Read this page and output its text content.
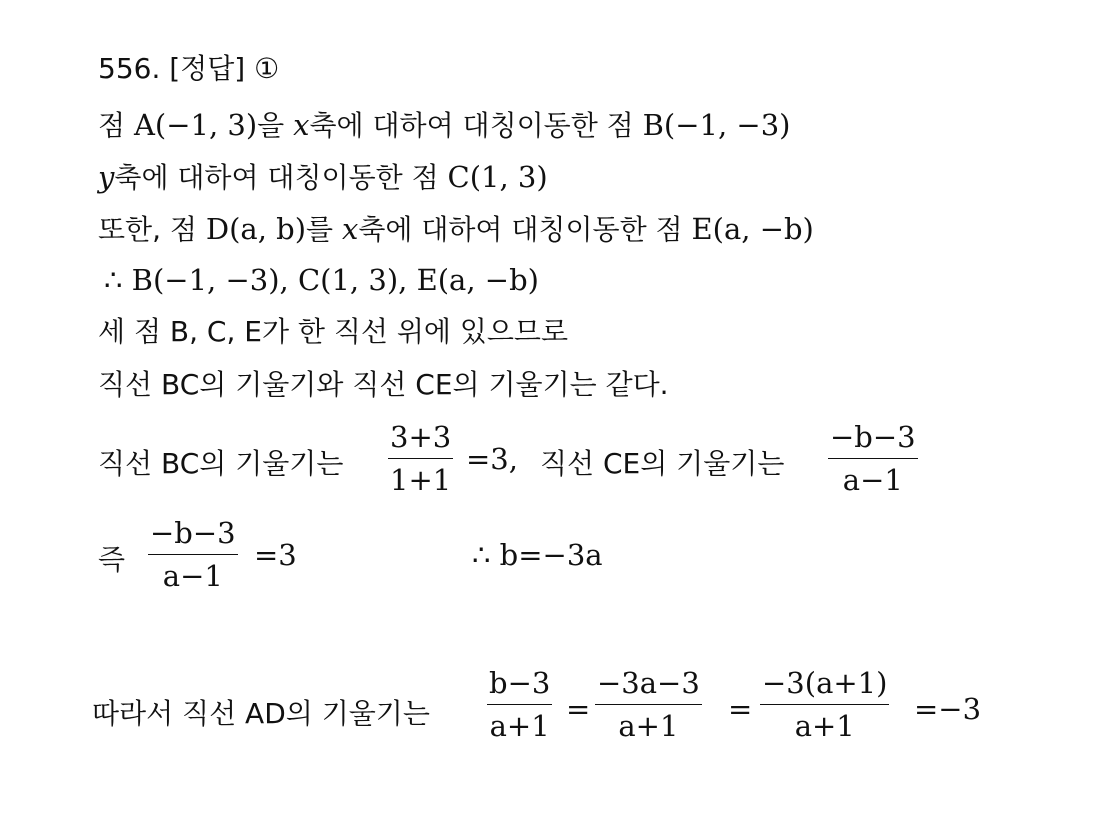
556. [정답] ①
점 A(−1, 3)을 x축에 대하여 대칭이동한 점 B(−1, −3)
y축에 대하여 대칭이동한 점 C(1, 3)
또한, 점 D(a, b)를 x축에 대하여 대칭이동한 점 E(a, −b)
∴ B(−1, −3), C(1, 3), E(a, −b)
세 점 B, C, E가 한 직선 위에 있으므로
직선 BC의 기울기와 직선 CE의 기울기는 같다.
직선 BC의 기울기는 $\frac{3+3}{1+1} =3$, 직선 CE의 기울기는 $\frac{-b-3}{a-1}$
즉 $\frac{-b-3}{a-1} =3$	∴ b=−3a
따라서 직선 AD의 기울기는 $\frac{b-3}{a+1} = \frac{-3a-3}{a+1} = \frac{-3(a+1)}{a+1} =-3$
